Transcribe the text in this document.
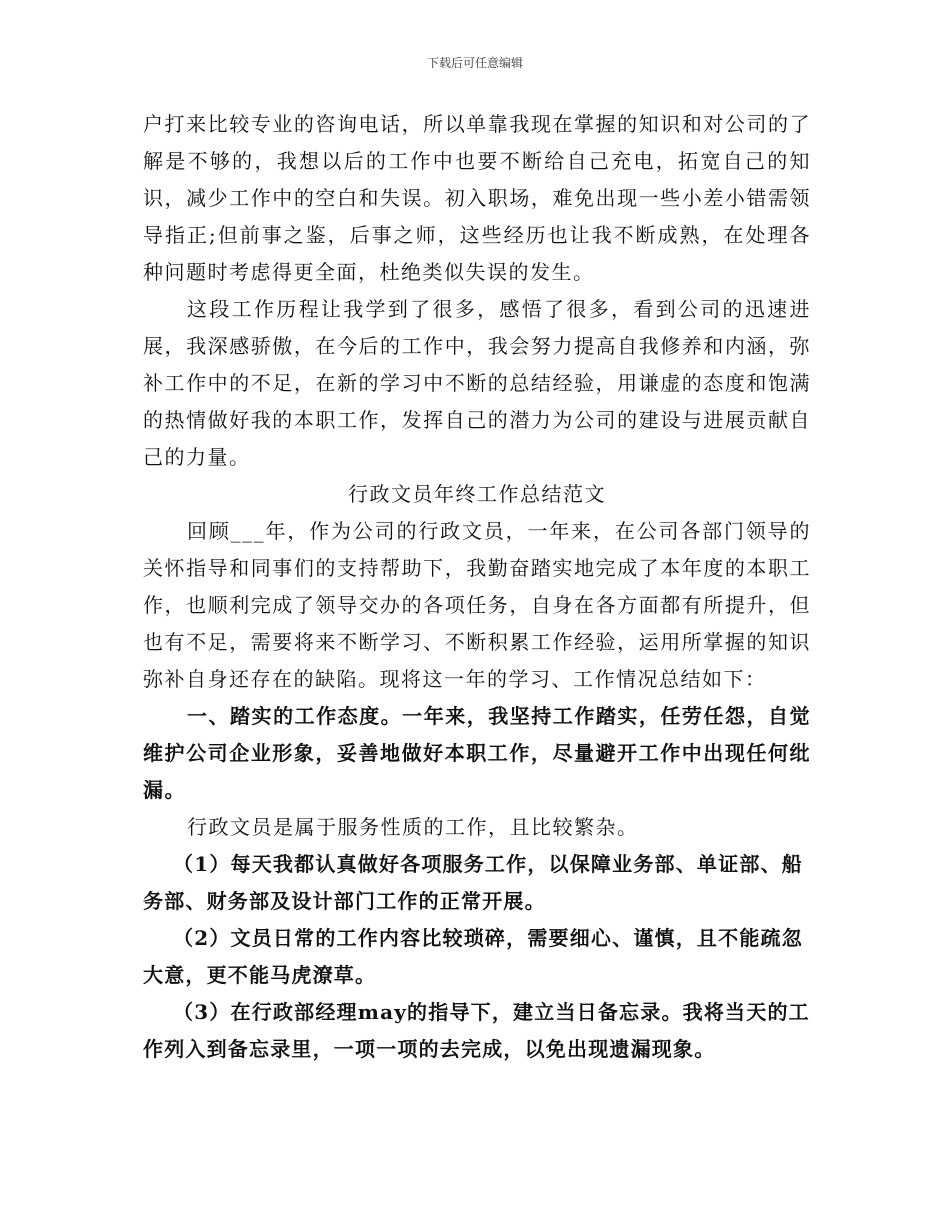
下载后可任意编辑

户打来比较专业的咨询电话，所以单靠我现在掌握的知识和对公司的了解是不够的，我想以后的工作中也要不断给自己充电，拓宽自己的知识，减少工作中的空白和失误。初入职场，难免出现一些小差小错需领导指正;但前事之鉴，后事之师，这些经历也让我不断成熟，在处理各种问题时考虑得更全面，杜绝类似失误的发生。

这段工作历程让我学到了很多，感悟了很多，看到公司的迅速进展，我深感骄傲，在今后的工作中，我会努力提高自我修养和内涵，弥补工作中的不足，在新的学习中不断的总结经验，用谦虚的态度和饱满的热情做好我的本职工作，发挥自己的潜力为公司的建设与进展贡献自己的力量。

行政文员年终工作总结范文

回顾___年，作为公司的行政文员，一年来，在公司各部门领导的关怀指导和同事们的支持帮助下，我勤奋踏实地完成了本年度的本职工作，也顺利完成了领导交办的各项任务，自身在各方面都有所提升，但也有不足，需要将来不断学习、不断积累工作经验，运用所掌握的知识弥补自身还存在的缺陷。现将这一年的学习、工作情况总结如下：

一、踏实的工作态度。一年来，我坚持工作踏实，任劳任怨，自觉维护公司企业形象，妥善地做好本职工作，尽量避开工作中出现任何纰漏。

行政文员是属于服务性质的工作，且比较繁杂。

（1）每天我都认真做好各项服务工作，以保障业务部、单证部、船务部、财务部及设计部门工作的正常开展。

（2）文员日常的工作内容比较琐碎，需要细心、谨慎，且不能疏忽大意，更不能马虎潦草。

（3）在行政部经理may的指导下，建立当日备忘录。我将当天的工作列入到备忘录里，一项一项的去完成，以免出现遗漏现象。
